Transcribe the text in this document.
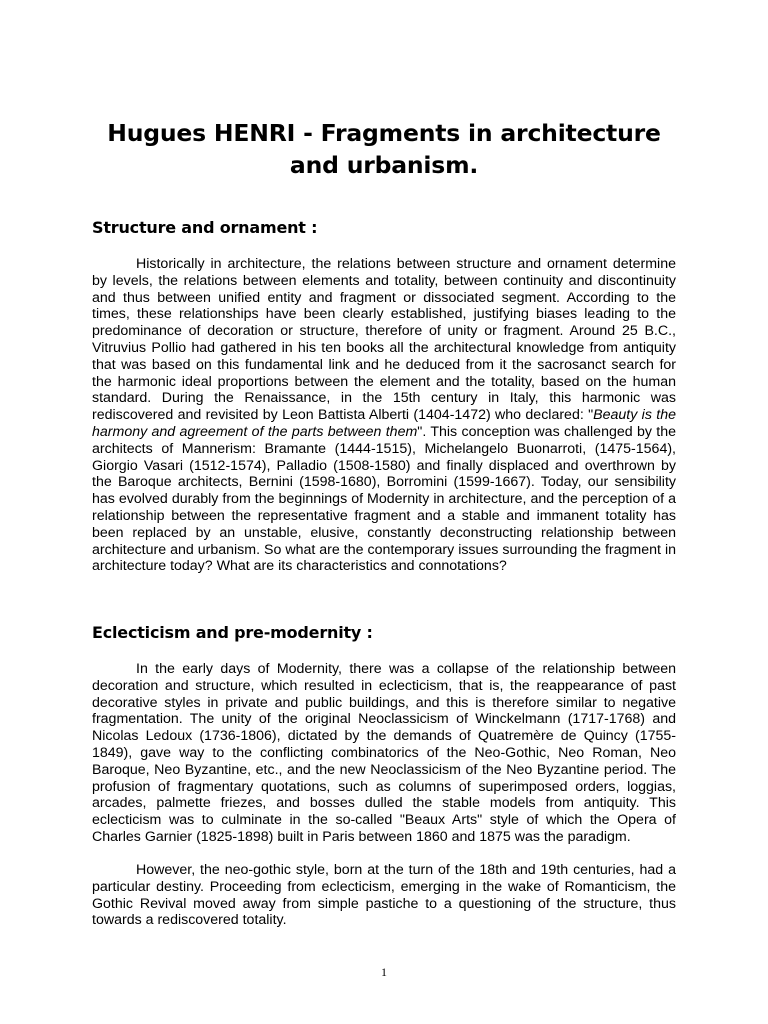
Hugues HENRI - Fragments in architecture
and urbanism.
Structure and ornament :

Historically in architecture, the relations between structure and ornament determine by levels, the relations between elements and totality, between continuity and discontinuity and thus between unified entity and fragment or dissociated segment. According to the times, these relationships have been clearly established, justifying biases leading to the predominance of decoration or structure, therefore of unity or fragment. Around 25 B.C., Vitruvius Pollio had gathered in his ten books all the architectural knowledge from antiquity that was based on this fundamental link and he deduced from it the sacrosanct search for the harmonic ideal proportions between the element and the totality, based on the human standard. During the Renaissance, in the 15th century in Italy, this harmonic was rediscovered and revisited by Leon Battista Alberti (1404-1472) who declared: "Beauty is the harmony and agreement of the parts between them". This conception was challenged by the architects of Mannerism: Bramante (1444-1515), Michelangelo Buonarroti, (1475-1564), Giorgio Vasari (1512-1574), Palladio (1508-1580) and finally displaced and overthrown by the Baroque architects, Bernini (1598-1680), Borromini (1599-1667). Today, our sensibility has evolved durably from the beginnings of Modernity in architecture, and the perception of a relationship between the representative fragment and a stable and immanent totality has been replaced by an unstable, elusive, constantly deconstructing relationship between architecture and urbanism. So what are the contemporary issues surrounding the fragment in architecture today? What are its characteristics and connotations?

Eclecticism and pre-modernity :

In the early days of Modernity, there was a collapse of the relationship between decoration and structure, which resulted in eclecticism, that is, the reappearance of past decorative styles in private and public buildings, and this is therefore similar to negative fragmentation. The unity of the original Neoclassicism of Winckelmann (1717-1768) and Nicolas Ledoux (1736-1806), dictated by the demands of Quatremère de Quincy (1755-1849), gave way to the conflicting combinatorics of the Neo-Gothic, Neo Roman, Neo Baroque, Neo Byzantine, etc., and the new Neoclassicism of the Neo Byzantine period. The profusion of fragmentary quotations, such as columns of superimposed orders, loggias, arcades, palmette friezes, and bosses dulled the stable models from antiquity. This eclecticism was to culminate in the so-called "Beaux Arts" style of which the Opera of Charles Garnier (1825-1898) built in Paris between 1860 and 1875 was the paradigm.

However, the neo-gothic style, born at the turn of the 18th and 19th centuries, had a particular destiny. Proceeding from eclecticism, emerging in the wake of Romanticism, the Gothic Revival moved away from simple pastiche to a questioning of the structure, thus towards a rediscovered totality.

1
